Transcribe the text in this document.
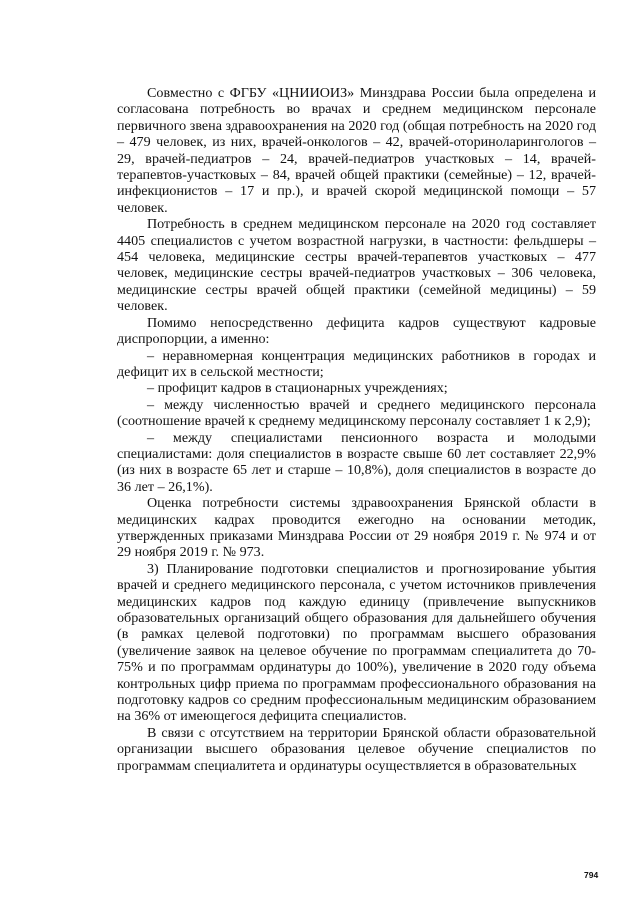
Совместно с ФГБУ «ЦНИИОИЗ» Минздрава России была определена и согласована потребность во врачах и среднем медицинском персонале первичного звена здравоохранения на 2020 год (общая потребность на 2020 год – 479 человек, из них, врачей-онкологов – 42, врачей-оториноларингологов – 29, врачей-педиатров – 24, врачей-педиатров участковых – 14, врачей-терапевтов-участковых – 84, врачей общей практики (семейные) – 12, врачей-инфекционистов – 17 и пр.), и врачей скорой медицинской помощи – 57 человек.

Потребность в среднем медицинском персонале на 2020 год составляет 4405 специалистов с учетом возрастной нагрузки, в частности: фельдшеры – 454 человека, медицинские сестры врачей-терапевтов участковых – 477 человек, медицинские сестры врачей-педиатров участковых – 306 человека, медицинские сестры врачей общей практики (семейной медицины) – 59 человек.

Помимо непосредственно дефицита кадров существуют кадровые диспропорции, а именно:

– неравномерная концентрация медицинских работников в городах и дефицит их в сельской местности;

– профицит кадров в стационарных учреждениях;

– между численностью врачей и среднего медицинского персонала (соотношение врачей к среднему медицинскому персоналу составляет 1 к 2,9);

– между специалистами пенсионного возраста и молодыми специалистами: доля специалистов в возрасте свыше 60 лет составляет 22,9% (из них в возрасте 65 лет и старше – 10,8%), доля специалистов в возрасте до 36 лет – 26,1%).

Оценка потребности системы здравоохранения Брянской области в медицинских кадрах проводится ежегодно на основании методик, утвержденных приказами Минздрава России от 29 ноября 2019 г. № 974 и от 29 ноября 2019 г. № 973.

3) Планирование подготовки специалистов и прогнозирование убытия врачей и среднего медицинского персонала, с учетом источников привлечения медицинских кадров под каждую единицу (привлечение выпускников образовательных организаций общего образования для дальнейшего обучения (в рамках целевой подготовки) по программам высшего образования (увеличение заявок на целевое обучение по программам специалитета до 70-75% и по программам ординатуры до 100%), увеличение в 2020 году объема контрольных цифр приема по программам профессионального образования на подготовку кадров со средним профессиональным медицинским образованием на 36% от имеющегося дефицита специалистов.

В связи с отсутствием на территории Брянской области образовательной организации высшего образования целевое обучение специалистов по программам специалитета и ординатуры осуществляется в образовательных

794
